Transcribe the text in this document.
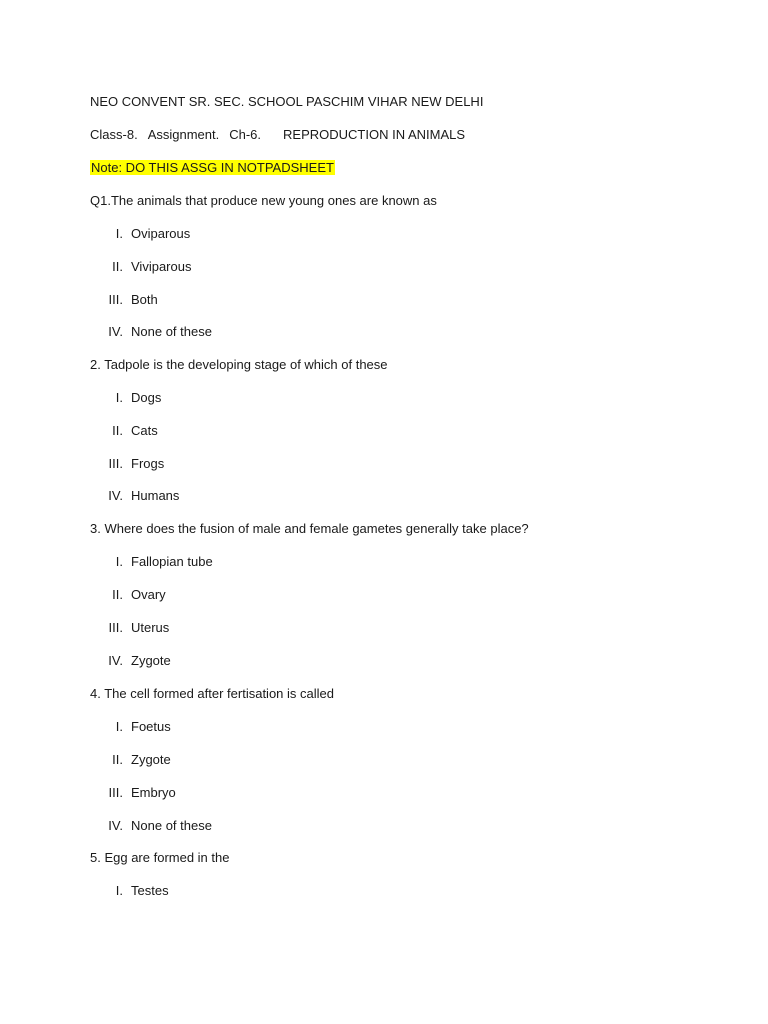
NEO CONVENT SR. SEC. SCHOOL PASCHIM VIHAR NEW DELHI
Class-8. Assignment. Ch-6. REPRODUCTION IN ANIMALS
Note: DO THIS ASSG IN NOTPADSHEET
Q1.The animals that produce new young ones are known as
I. Oviparous
II. Viviparous
III. Both
IV. None of these
2. Tadpole is the developing stage of which of these
I. Dogs
II. Cats
III. Frogs
IV. Humans
3. Where does the fusion of male and female gametes generally take place?
I. Fallopian tube
II. Ovary
III. Uterus
IV. Zygote
4. The cell formed after fertisation is called
I. Foetus
II. Zygote
III. Embryo
IV. None of these
5. Egg are formed in the
I. Testes
